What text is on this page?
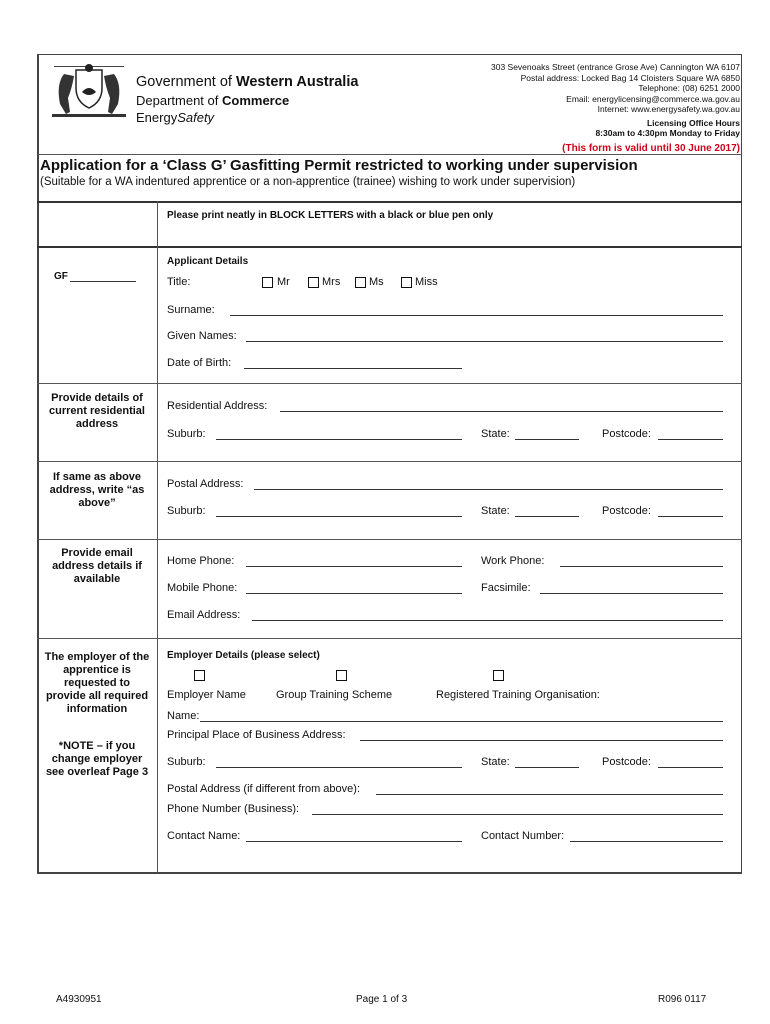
Government of Western Australia
Department of Commerce
EnergySafety
303 Sevenoaks Street (entrance Grose Ave) Cannington WA 6107
Postal address: Locked Bag 14 Cloisters Square WA 6850
Telephone: (08) 6251 2000
Email: energylicensing@commerce.wa.gov.au
Internet: www.energysafety.wa.gov.au
Licensing Office Hours
8:30am to 4:30pm Monday to Friday
(This form is valid until 30 June 2017)
Application for a ‘Class G’ Gasfitting Permit restricted to working under supervision
(Suitable for a WA indentured apprentice or a non-apprentice (trainee) wishing to work under supervision)
Please print neatly in BLOCK LETTERS with a black or blue pen only
GF
Applicant Details
Title:	Mr	Mrs	Ms	Miss
Surname:
Given Names:
Date of Birth:
Provide details of current residential address
Residential Address:
Suburb:	State:	Postcode:
If same as above address, write “as above”
Postal Address:
Suburb:	State:	Postcode:
Provide email address details if available
Home Phone:	Work Phone:
Mobile Phone:	Facsimile:
Email Address:
The employer of the apprentice is requested to provide all required information
*NOTE – if you change employer see overleaf Page 3
Employer Details (please select)
Employer Name	Group Training Scheme	Registered Training Organisation:
Name:
Principal Place of Business Address:
Suburb:	State:	Postcode:
Postal Address (if different from above):
Phone Number (Business):
Contact Name:	Contact Number:
A4930951	Page 1 of 3	R096 0117
